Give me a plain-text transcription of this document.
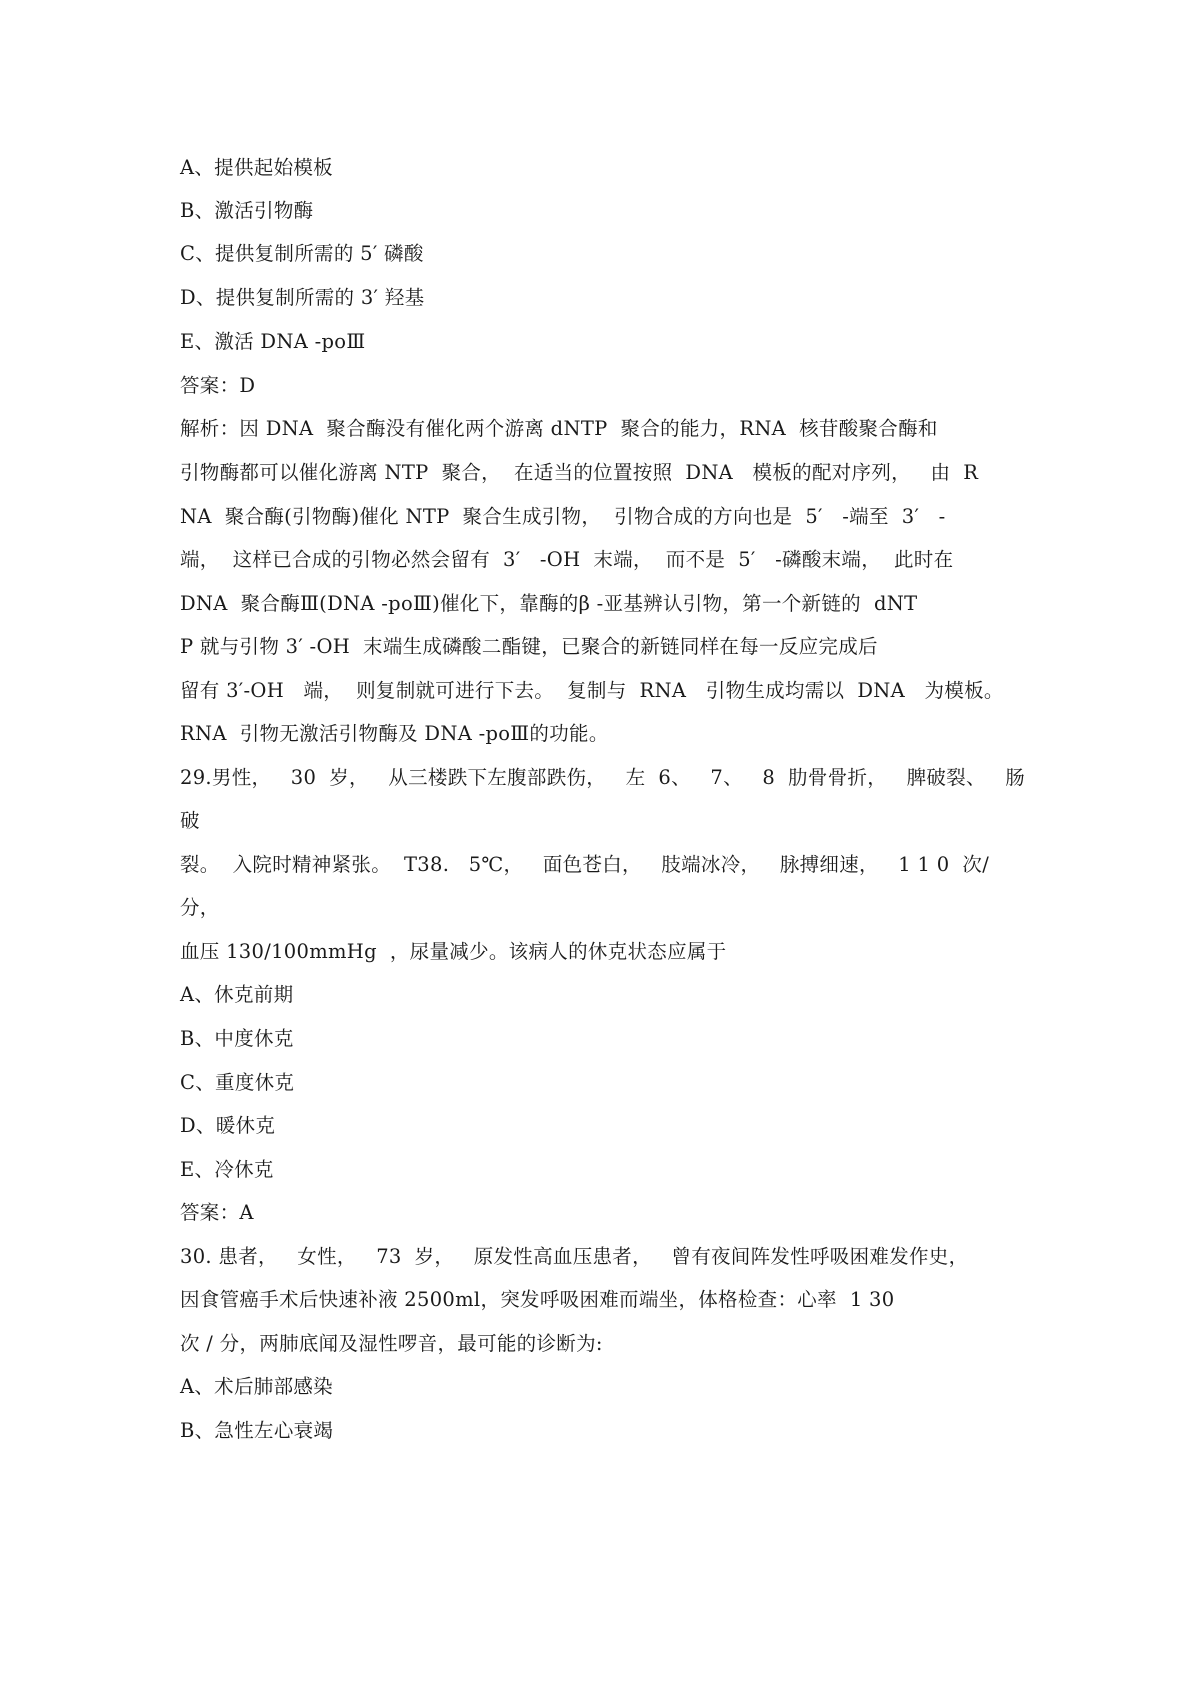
A、提供起始模板

B、激活引物酶

C、提供复制所需的 5′ 磷酸

D、提供复制所需的 3′ 羟基

E、激活 DNA -poⅢ

答案：D

解析：因 DNA  聚合酶没有催化两个游离 dNTP  聚合的能力，RNA  核苷酸聚合酶和

引物酶都可以催化游离 NTP  聚合，  在适当的位置按照  DNA   模板的配对序列，   由  R

NA  聚合酶(引物酶)催化 NTP  聚合生成引物，  引物合成的方向也是  5′   -端至  3′   -

端，  这样已合成的引物必然会留有  3′   -OH  末端，  而不是  5′   -磷酸末端，  此时在

DNA  聚合酶Ⅲ(DNA -poⅢ)催化下，靠酶的β -亚基辨认引物，第一个新链的  dNT

P 就与引物 3′ -OH  末端生成磷酸二酯键，已聚合的新链同样在每一反应完成后

留有 3′-OH   端，  则复制就可进行下去。  复制与  RNA   引物生成均需以  DNA   为模板。

RNA  引物无激活引物酶及 DNA -poⅢ的功能。

29.男性，   30  岁，   从三楼跌下左腹部跌伤，   左  6、   7、   8  肋骨骨折，   脾破裂、   肠

破

裂。  入院时精神紧张。  T38.   5℃，   面色苍白，   肢端冰冷，   脉搏细速，   1 1 0  次/

分，

血压 130/100mmHg  ，尿量减少。该病人的休克状态应属于

A、休克前期

B、中度休克

C、重度休克

D、暖休克

E、冷休克

答案：A

30. 患者，   女性，   73  岁，   原发性高血压患者，   曾有夜间阵发性呼吸困难发作史，

因食管癌手术后快速补液 2500ml，突发呼吸困难而端坐，体格检查：心率  1 30

次 / 分，两肺底闻及湿性啰音，最可能的诊断为:

A、术后肺部感染

B、急性左心衰竭
